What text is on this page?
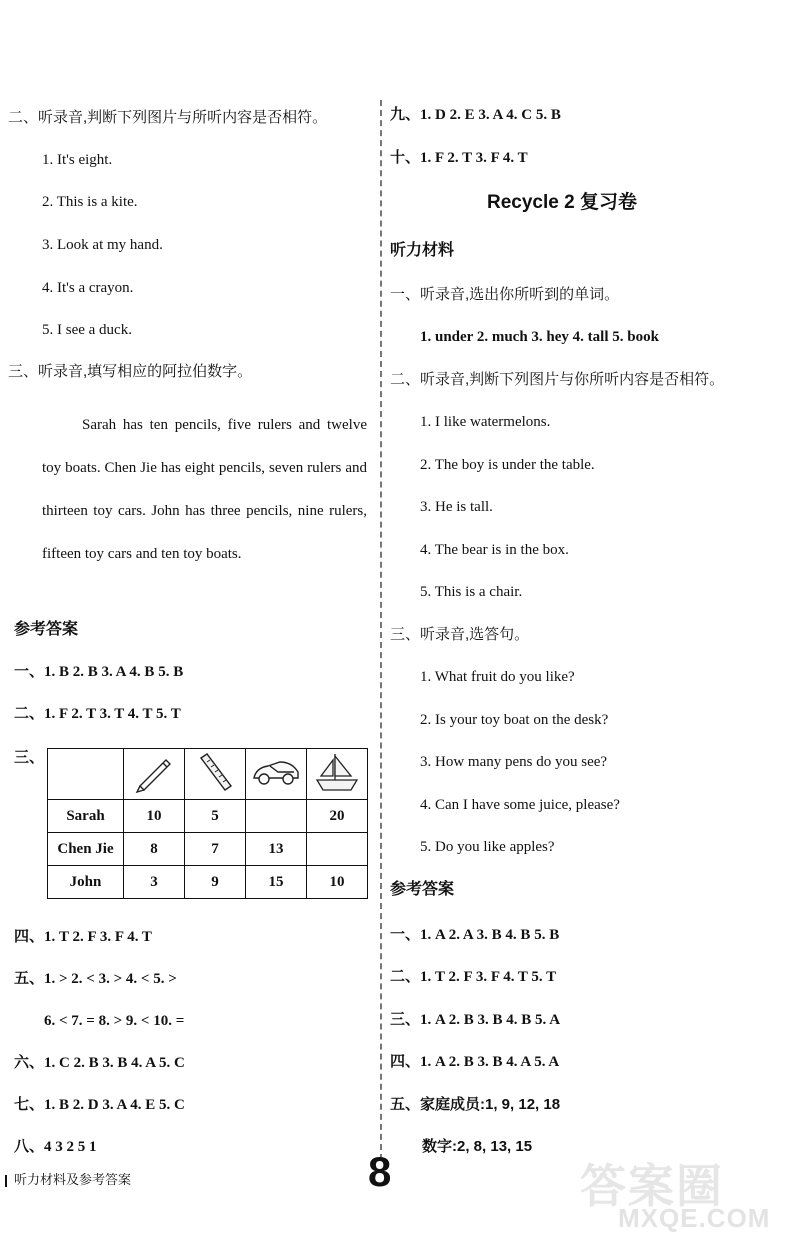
二、听录音,判断下列图片与所听内容是否相符。
1. It's eight.
2. This is a kite.
3. Look at my hand.
4. It's a crayon.
5. I see a duck.
三、听录音,填写相应的阿拉伯数字。
Sarah has ten pencils, five rulers and twelve toy boats. Chen Jie has eight pencils, seven rulers and thirteen toy cars. John has three pencils, nine rulers, fifteen toy cars and ten toy boats.
参考答案
一、1. B 2. B 3. A 4. B 5. B
二、1. F 2. T 3. T 4. T 5. T
三、

Sarah	10	5		20
Chen Jie	8	7	13	
John	3	9	15	10
四、1. T 2. F 3. F 4. T
五、1. > 2. < 3. > 4. < 5. >
6. < 7. = 8. > 9. < 10. =
六、1. C 2. B 3. B 4. A 5. C
七、1. B 2. D 3. A 4. E 5. C
八、4 3 2 5 1
九、1. D 2. E 3. A 4. C 5. B
十、1. F 2. T 3. F 4. T
Recycle 2 复习卷
听力材料
一、听录音,选出你所听到的单词。
1. under 2. much 3. hey 4. tall 5. book
二、听录音,判断下列图片与你所听内容是否相符。
1. I like watermelons.
2. The boy is under the table.
3. He is tall.
4. The bear is in the box.
5. This is a chair.
三、听录音,选答句。
1. What fruit do you like?
2. Is your toy boat on the desk?
3. How many pens do you see?
4. Can I have some juice, please?
5. Do you like apples?
参考答案
一、1. A 2. A 3. B 4. B 5. B
二、1. T 2. F 3. F 4. T 5. T
三、1. A 2. B 3. B 4. B 5. A
四、1. A 2. B 3. B 4. A 5. A
五、家庭成员:1, 9, 12, 18
数字:2, 8, 13, 15
听力材料及参考答案	8	答案圈
MXQE.COM
